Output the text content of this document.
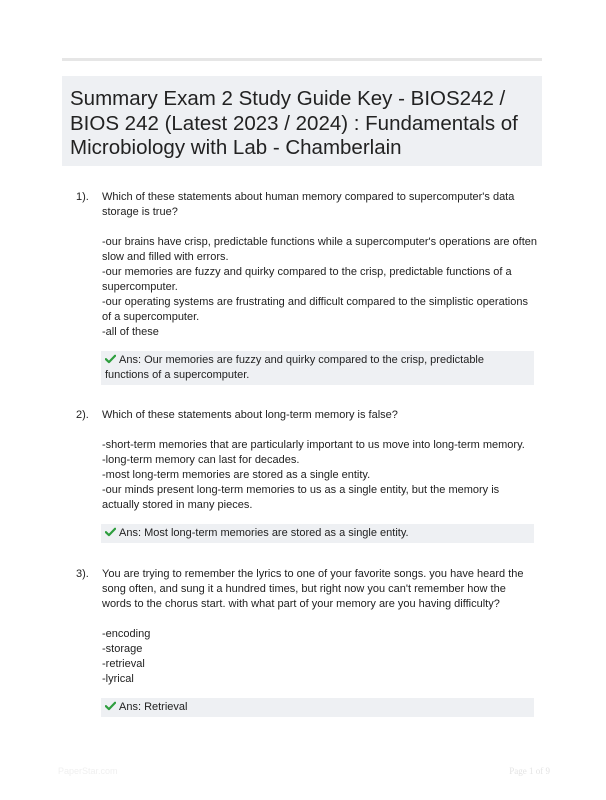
Summary Exam 2 Study Guide Key - BIOS242 / BIOS 242 (Latest 2023 / 2024) : Fundamentals of Microbiology with Lab - Chamberlain
1). Which of these statements about human memory compared to supercomputer's data storage is true?

-our brains have crisp, predictable functions while a supercomputer's operations are often slow and filled with errors.
-our memories are fuzzy and quirky compared to the crisp, predictable functions of a supercomputer.
-our operating systems are frustrating and difficult compared to the simplistic operations of a supercomputer.
-all of these
Ans: Our memories are fuzzy and quirky compared to the crisp, predictable functions of a supercomputer.
2). Which of these statements about long-term memory is false?

-short-term memories that are particularly important to us move into long-term memory.
-long-term memory can last for decades.
-most long-term memories are stored as a single entity.
-our minds present long-term memories to us as a single entity, but the memory is actually stored in many pieces.
Ans: Most long-term memories are stored as a single entity.
3). You are trying to remember the lyrics to one of your favorite songs. you have heard the song often, and sung it a hundred times, but right now you can't remember how the words to the chorus start. with what part of your memory are you having difficulty?

-encoding
-storage
-retrieval
-lyrical
Ans: Retrieval
PaperStar.com	Page 1 of 9
